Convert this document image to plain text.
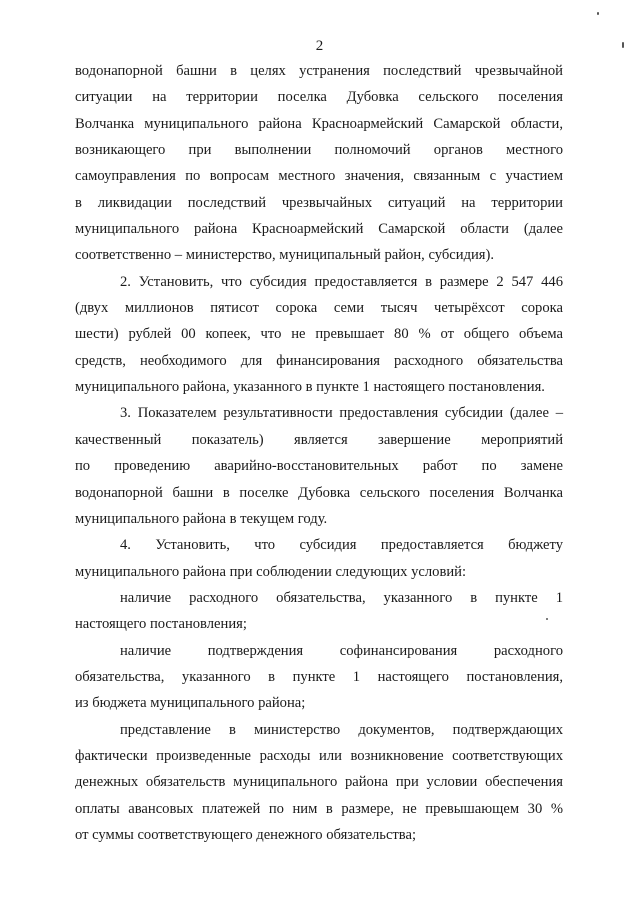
2
водонапорной башни в целях устранения последствий чрезвычайной
ситуации на территории поселка Дубовка сельского поселения
Волчанка муниципального района Красноармейский Самарской области,
возникающего при выполнении полномочий органов местного
самоуправления по вопросам местного значения, связанным с участием
в ликвидации последствий чрезвычайных ситуаций на территории
муниципального района Красноармейский Самарской области (далее
соответственно – министерство, муниципальный район, субсидия).
2. Установить, что субсидия предоставляется в размере 2 547 446
(двух миллионов пятисот сорока семи тысяч четырёхсот сорока
шести) рублей 00 копеек, что не превышает 80 % от общего объема
средств, необходимого для финансирования расходного обязательства
муниципального района, указанного в пункте 1 настоящего постановления.
3. Показателем результативности предоставления субсидии (далее –
качественный показатель) является завершение мероприятий
по проведению аварийно-восстановительных работ по замене
водонапорной башни в поселке Дубовка сельского поселения Волчанка
муниципального района в текущем году.
4. Установить, что субсидия предоставляется бюджету
муниципального района при соблюдении следующих условий:
наличие расходного обязательства, указанного в пункте 1
настоящего постановления;
наличие подтверждения софинансирования расходного
обязательства, указанного в пункте 1 настоящего постановления,
из бюджета муниципального района;
представление в министерство документов, подтверждающих
фактически произведенные расходы или возникновение соответствующих
денежных обязательств муниципального района при условии обеспечения
оплаты авансовых платежей по ним в размере, не превышающем 30 %
от суммы соответствующего денежного обязательства;
